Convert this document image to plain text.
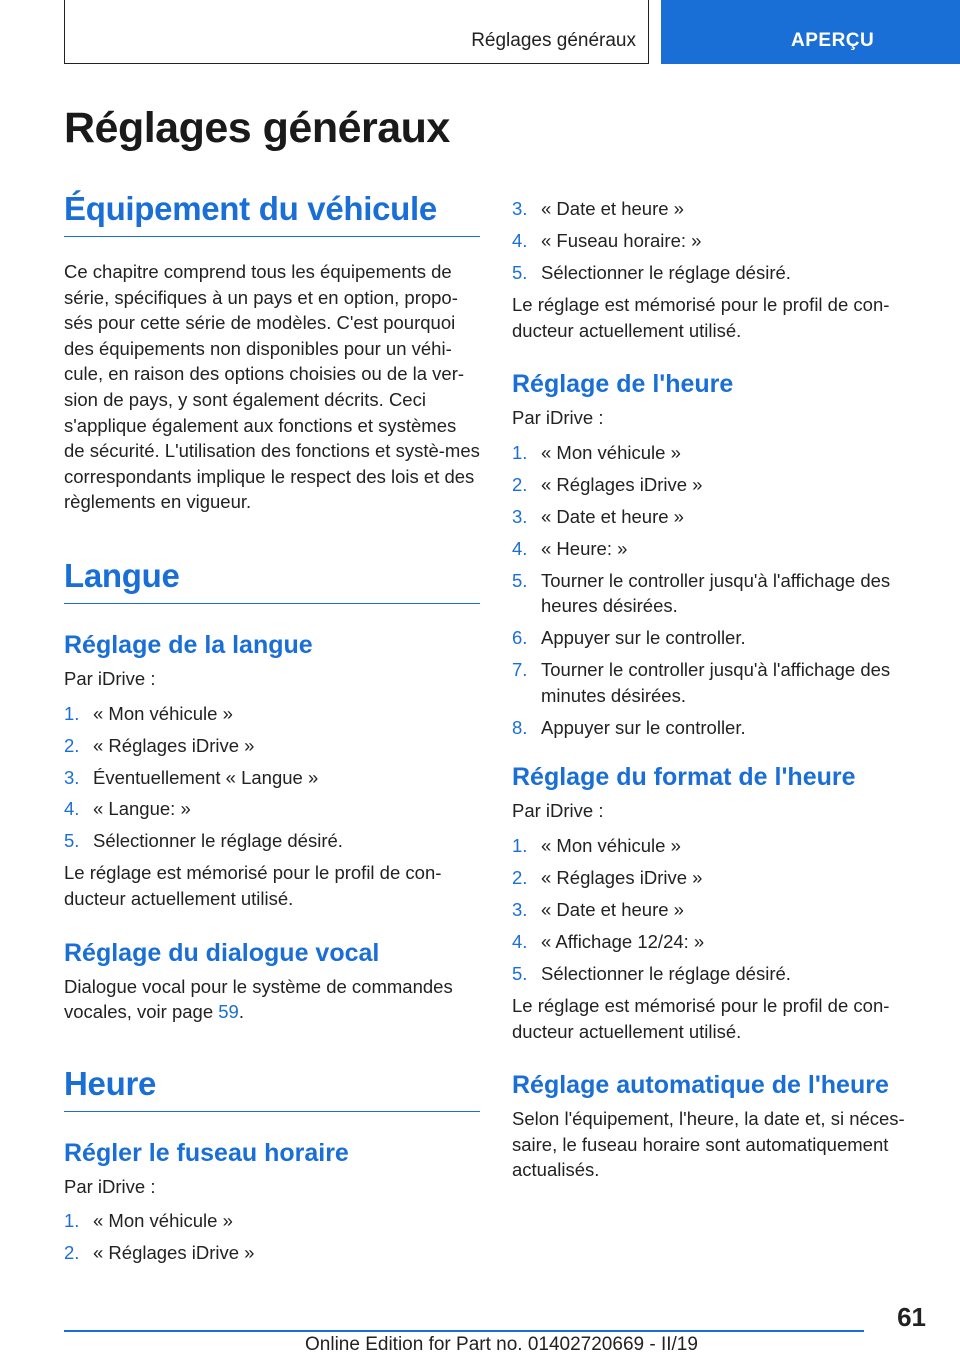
Réglages généraux	APERÇU
Réglages généraux
Équipement du véhicule

Ce chapitre comprend tous les équipements de série, spécifiques à un pays et en option, propo-sés pour cette série de modèles. C'est pourquoi des équipements non disponibles pour un véhi-cule, en raison des options choisies ou de la ver-sion de pays, y sont également décrits. Ceci s'applique également aux fonctions et systèmes de sécurité. L'utilisation des fonctions et systè-mes correspondants implique le respect des lois et des règlements en vigueur.

Langue
Réglage de la langue

Par iDrive :

1. « Mon véhicule »
2. « Réglages iDrive »
3. Éventuellement « Langue »
4. « Langue: »
5. Sélectionner le réglage désiré.

Le réglage est mémorisé pour le profil de con-ducteur actuellement utilisé.

Réglage du dialogue vocal

Dialogue vocal pour le système de commandes vocales, voir page 59.

Heure
Régler le fuseau horaire

Par iDrive :

1. « Mon véhicule »
2. « Réglages iDrive »
3. « Date et heure »
4. « Fuseau horaire: »
5. Sélectionner le réglage désiré.

Le réglage est mémorisé pour le profil de con-ducteur actuellement utilisé.

Réglage de l'heure

Par iDrive :

1. « Mon véhicule »
2. « Réglages iDrive »
3. « Date et heure »
4. « Heure: »
5. Tourner le controller jusqu'à l'affichage des heures désirées.
6. Appuyer sur le controller.
7. Tourner le controller jusqu'à l'affichage des minutes désirées.
8. Appuyer sur le controller.
Réglage du format de l'heure

Par iDrive :

1. « Mon véhicule »
2. « Réglages iDrive »
3. « Date et heure »
4. « Affichage 12/24: »
5. Sélectionner le réglage désiré.

Le réglage est mémorisé pour le profil de con-ducteur actuellement utilisé.

Réglage automatique de l'heure

Selon l'équipement, l'heure, la date et, si néces-saire, le fuseau horaire sont automatiquement actualisés.

61
Online Edition for Part no. 01402720669 - II/19
